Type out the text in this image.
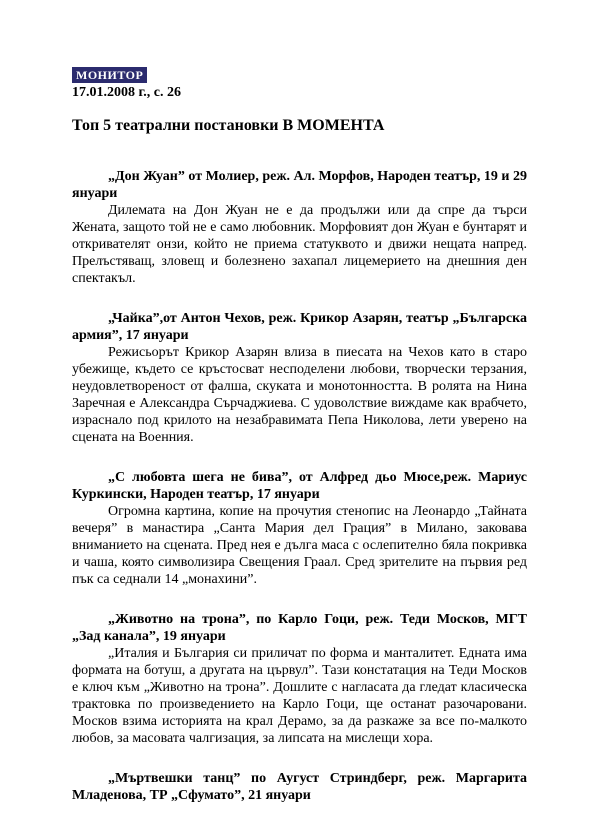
МОНИТОР
17.01.2008 г., с. 26
Топ 5 театрални постановки В МОМЕНТА

„Дон Жуан” от Молиер, реж. Ал. Морфов, Народен театър, 19 и 29 януари

Дилемата на Дон Жуан не е да продължи или да спре да търси Жената, защото той не е само любовник. Морфовият дон Жуан е бунтарят и откривателят онзи, който не приема статуквото и движи нещата напред. Прелъстяващ, зловещ и болезнено захапал лицемерието на днешния ден спектакъл.

„Чайка”,от Антон Чехов, реж. Крикор Азарян, театър „Българска армия”, 17 януари

Режисьорът Крикор Азарян влиза в пиесата на Чехов като в старо убежище, където се кръстосват несподелени любови, творчески терзания, неудовлетвореност от фалша, скуката и монотонността. В ролята на Нина Заречная е Александра Сърчаджиева. С удоволствие виждаме как врабчето, израснало под крилото на незабравимата Пепа Николова, лети уверено на сцената на Военния.

„С любовта шега не бива”, от Алфред дьо Мюсе,реж. Мариус Куркински, Народен театър, 17 януари

Огромна картина, копие на прочутия стенопис на Леонардо „Тайната вечеря” в манастира „Санта Мария дел Грация” в Милано, заковава вниманието на сцената. Пред нея е дълга маса с ослепително бяла покривка и чаша, която символизира Свещения Граал. Сред зрителите на първия ред пък са седнали 14 „монахини”.

„Животно на трона”, по Карло Гоци, реж. Теди Москов, МГТ „Зад канала”, 19 януари

„Италия и България си приличат по форма и манталитет. Едната има формата на ботуш, а другата на цървул”. Тази констатация на Теди Москов е ключ към „Животно на трона”. Дошлите с нагласата да гледат класическа трактовка по произведението на Карло Гоци, ще останат разочаровани. Москов взима историята на крал Дерамо, за да разкаже за все по-малкото любов, за масовата чалгизация, за липсата на мислещи хора.

„Мъртвешки танц” по Аугуст Стриндберг, реж. Маргарита Младенова, ТР „Сфумато”, 21 януари
